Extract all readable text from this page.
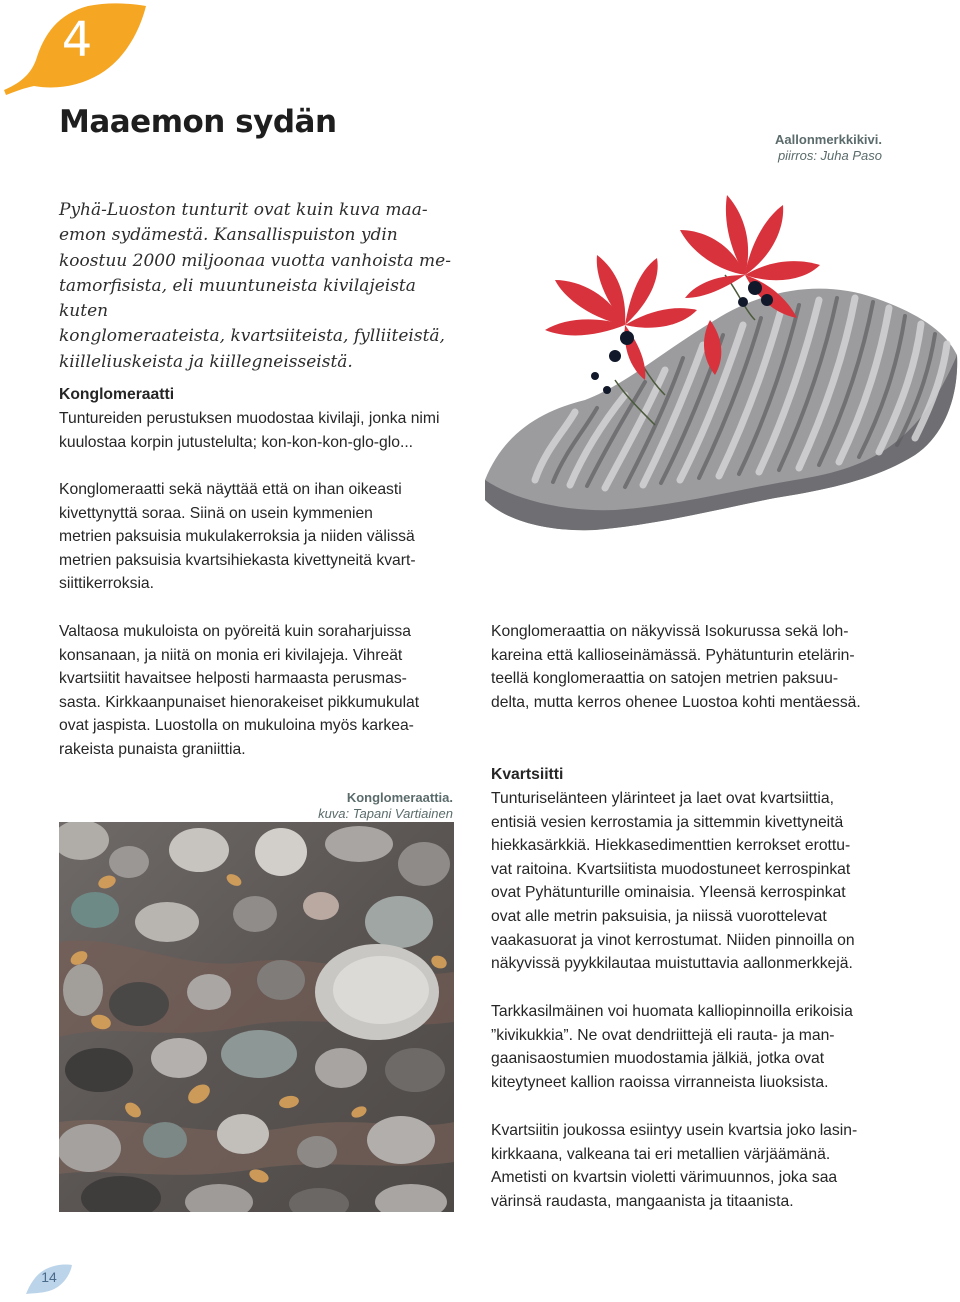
4
Maaemon sydän	Aallonmerkkikivi.
piirros: Juha Paso
Pyhä-Luoston tunturit ovat kuin kuva maa-
emon sydämestä. Kansallispuiston ydin
koostuu 2000 miljoonaa vuotta vanhoista me-
tamorfisista, eli muuntuneista kivilajeista kuten
konglomeraateista, kvartsiiteista, fylliiteistä,
kiilleliuskeista ja kiillegneisseistä.
Konglomeraatti
Tuntureiden perustuksen muodostaa kivilaji, jonka nimi
kuulostaa korpin jutustelulta; kon-kon-kon-glo-glo...
Konglomeraatti sekä näyttää että on ihan oikeasti
kivettynyttä soraa. Siinä on usein kymmenien
metrien paksuisia mukulakerroksia ja niiden välissä
metrien paksuisia kvartsihiekasta kivettyneitä kvart-
siittikerroksia.
Valtaosa mukuloista on pyöreitä kuin soraharjuissa
konsanaan, ja niitä on monia eri kivilajeja. Vihreät
kvartsiitit havaitsee helposti harmaasta perusmas-
sasta. Kirkkaanpunaiset hienorakeiset pikkumukulat
ovat jaspista. Luostolla on mukuloina myös karkea-
rakeista punaista graniittia.
Konglomeraattia.
kuva: Tapani Vartiainen
Konglomeraattia on näkyvissä Isokurussa sekä loh-
kareina että kallioseinämässä. Pyhätunturin etelärin-
teellä konglomeraattia on satojen metrien paksuu-
delta, mutta kerros ohenee Luostoa kohti mentäessä.
Kvartsiitti
Tunturiselänteen ylärinteet ja laet ovat kvartsiittia,
entisiä vesien kerrostamia ja sittemmin kivettyneitä
hiekkasärkkiä. Hiekkasedimenttien kerrokset erottu-
vat raitoina. Kvartsiitista muodostuneet kerrospinkat
ovat Pyhätunturille ominaisia. Yleensä kerrospinkat
ovat alle metrin paksuisia, ja niissä vuorottelevat
vaakasuorat ja vinot kerrostumat. Niiden pinnoilla on
näkyvissä pyykkilautaa muistuttavia aallonmerkkejä.
Tarkkasilmäinen voi huomata kalliopinnoilla erikoisia
”kivikukkia”. Ne ovat dendriittejä eli rauta- ja man-
gaanisaostumien muodostamia jälkiä, jotka ovat
kiteytyneet kallion raoissa virranneista liuoksista.
Kvartsiitin joukossa esiintyy usein kvartsia joko lasin-
kirkkaana, valkeana tai eri metallien värjäämänä.
Ametisti on kvartsin violetti värimuunnos, joka saa
värinsä raudasta, mangaanista ja titaanista.
14
